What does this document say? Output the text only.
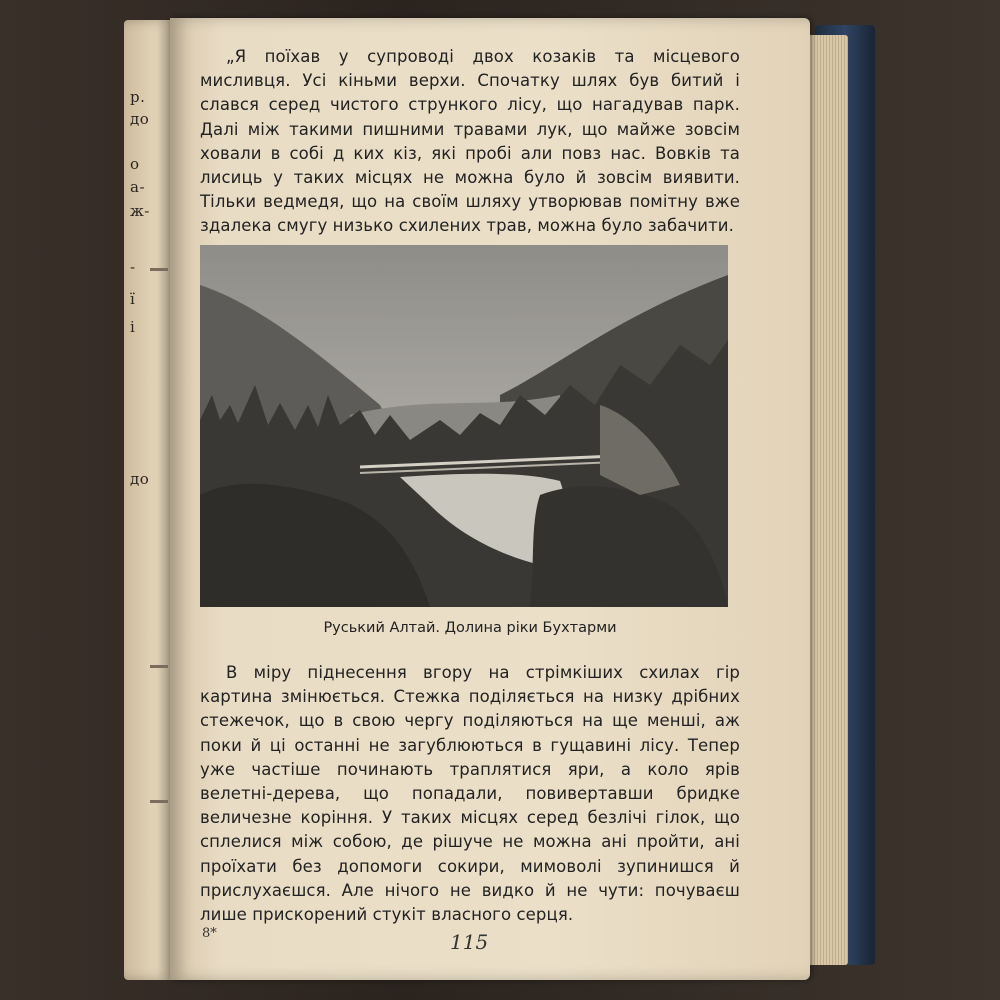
р.
до
о
а-
ж-
-
ї
і
до

„Я поїхав у супроводі двох козаків та місцевого мисливця. Усі кіньми верхи. Спочатку шлях був битий і слався серед чистого стрункого лісу, що нагадував парк. Далі між такими пишними травами лук, що майже зовсім ховали в собі д ких кіз, які пробі али повз нас. Вовків та лисиць у таких місцях не можна було й зовсім виявити. Тільки ведмедя, що на своїм шляху утворював помітну вже здалека смугу низько схилених трав, можна було забачити.

Руський Алтай. Долина ріки Бухтарми

В міру піднесення вгору на стрімкіших схилах гір картина змінюється. Стежка поділяється на низку дрібних стежечок, що в свою чергу поділяються на ще менші, аж поки й ці останні не загублюються в гущавині лісу. Тепер уже частіше починають траплятися яри, а коло ярів велетні-дерева, що попадали, повивертавши бридке величезне коріння. У таких місцях серед безлічі гілок, що сплелися між собою, де рішуче не можна ані пройти, ані проїхати без допомоги сокири, мимоволі зупинишся й прислухаєшся. Але нічого не видко й не чути: почуваєш лише прискорений стукіт власного серця.

8*	115
